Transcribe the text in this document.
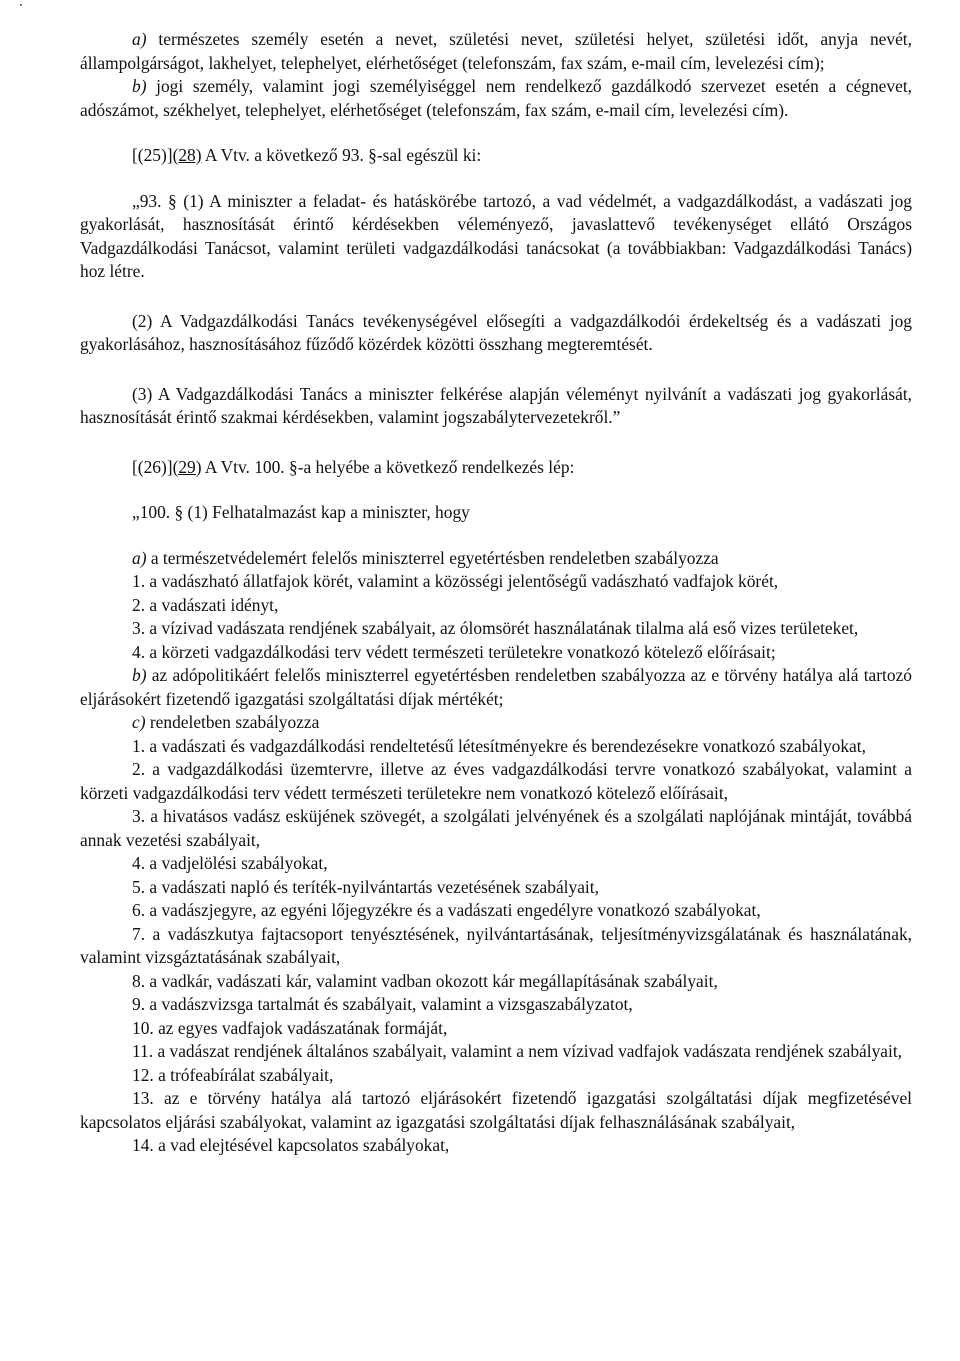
a) természetes személy esetén a nevet, születési nevet, születési helyet, születési időt, anyja nevét, állampolgárságot, lakhelyet, telephelyet, elérhetőséget (telefonszám, fax szám, e-mail cím, levelezési cím);

b) jogi személy, valamint jogi személyiséggel nem rendelkező gazdálkodó szervezet esetén a cégnevet, adószámot, székhelyet, telephelyet, elérhetőséget (telefonszám, fax szám, e-mail cím, levelezési cím).

[(25)](28) A Vtv. a következő 93. §-sal egészül ki:

„93. § (1) A miniszter a feladat- és hatáskörébe tartozó, a vad védelmét, a vadgazdálkodást, a vadászati jog gyakorlását, hasznosítását érintő kérdésekben véleményező, javaslattevő tevékenységet ellátó Országos Vadgazdálkodási Tanácsot, valamint területi vadgazdálkodási tanácsokat (a továbbiakban: Vadgazdálkodási Tanács) hoz létre.

(2) A Vadgazdálkodási Tanács tevékenységével elősegíti a vadgazdálkodói érdekeltség és a vadászati jog gyakorlásához, hasznosításához fűződő közérdek közötti összhang megteremtését.

(3) A Vadgazdálkodási Tanács a miniszter felkérése alapján véleményt nyilvánít a vadászati jog gyakorlását, hasznosítását érintő szakmai kérdésekben, valamint jogszabálytervezetekről.”

[(26)](29) A Vtv. 100. §-a helyébe a következő rendelkezés lép:

„100. § (1) Felhatalmazást kap a miniszter, hogy

a) a természetvédelemért felelős miniszterrel egyetértésben rendeletben szabályozza

1. a vadászható állatfajok körét, valamint a közösségi jelentőségű vadászható vadfajok körét,

2. a vadászati idényt,

3. a vízivad vadászata rendjének szabályait, az ólomsörét használatának tilalma alá eső vizes területeket,

4. a körzeti vadgazdálkodási terv védett természeti területekre vonatkozó kötelező előírásait;

b) az adópolitikáért felelős miniszterrel egyetértésben rendeletben szabályozza az e törvény hatálya alá tartozó eljárásokért fizetendő igazgatási szolgáltatási díjak mértékét;

c) rendeletben szabályozza

1. a vadászati és vadgazdálkodási rendeltetésű létesítményekre és berendezésekre vonatkozó szabályokat,

2. a vadgazdálkodási üzemtervre, illetve az éves vadgazdálkodási tervre vonatkozó szabályokat, valamint a körzeti vadgazdálkodási terv védett természeti területekre nem vonatkozó kötelező előírásait,

3. a hivatásos vadász esküjének szövegét, a szolgálati jelvényének és a szolgálati naplójának mintáját, továbbá annak vezetési szabályait,

4. a vadjelölési szabályokat,

5. a vadászati napló és teríték-nyilvántartás vezetésének szabályait,

6. a vadászjegyre, az egyéni lőjegyzékre és a vadászati engedélyre vonatkozó szabályokat,

7. a vadászkutya fajtacsoport tenyésztésének, nyilvántartásának, teljesítményvizsgálatának és használatának, valamint vizsgáztatásának szabályait,

8. a vadkár, vadászati kár, valamint vadban okozott kár megállapításának szabályait,

9. a vadászvizsga tartalmát és szabályait, valamint a vizsgaszabályzatot,

10. az egyes vadfajok vadászatának formáját,

11. a vadászat rendjének általános szabályait, valamint a nem vízivad vadfajok vadászata rendjének szabályait,

12. a trófeabírálat szabályait,

13. az e törvény hatálya alá tartozó eljárásokért fizetendő igazgatási szolgáltatási díjak megfizetésével kapcsolatos eljárási szabályokat, valamint az igazgatási szolgáltatási díjak felhasználásának szabályait,

14. a vad elejtésével kapcsolatos szabályokat,
